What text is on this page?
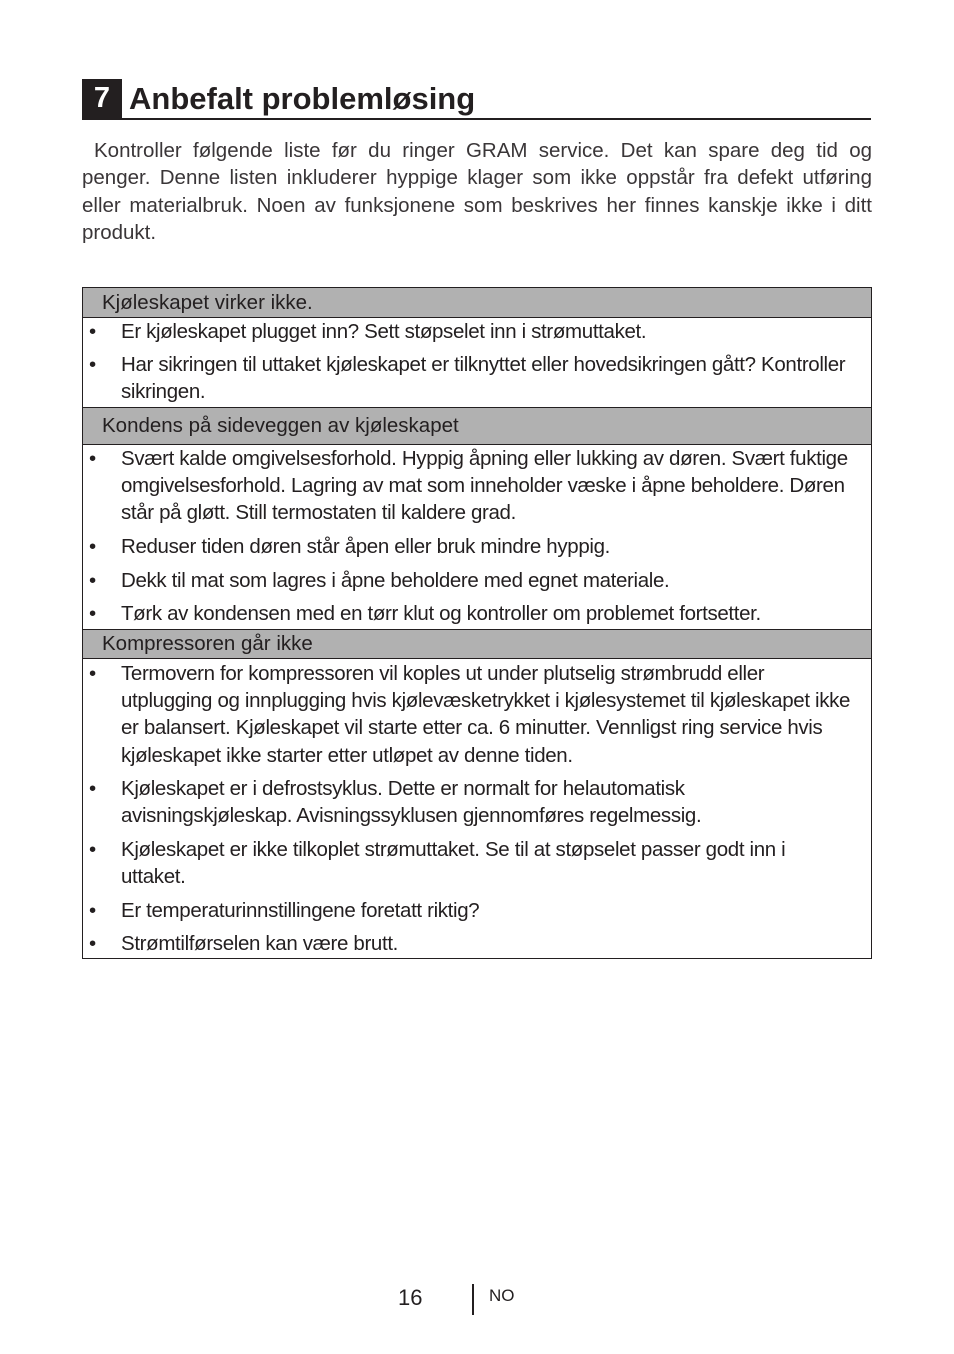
7 Anbefalt problemløsing

Kontroller følgende liste før du ringer GRAM service. Det kan spare deg tid og penger. Denne listen inkluderer hyppige klager som ikke oppstår fra defekt utføring eller materialbruk. Noen av funksjonene som beskrives her finnes kanskje ikke i ditt produkt.

Kjøleskapet virker ikke.
• Er kjøleskapet plugget inn? Sett støpselet inn i strømuttaket.

• Har sikringen til uttaket kjøleskapet er tilknyttet eller hovedsikringen gått? Kontroller sikringen.

Kondens på sideveggen av kjøleskapet
• Svært kalde omgivelsesforhold. Hyppig åpning eller lukking av døren. Svært fuktige omgivelsesforhold. Lagring av mat som inneholder væske i åpne beholdere. Døren står på gløtt. Still termostaten til kaldere grad.

• Reduser tiden døren står åpen eller bruk mindre hyppig.

• Dekk til mat som lagres i åpne beholdere med egnet materiale.

• Tørk av kondensen med en tørr klut og kontroller om problemet fortsetter.

Kompressoren går ikke
• Termovern for kompressoren vil koples ut under plutselig strømbrudd eller utplugging og innplugging hvis kjølevæsketrykket i kjølesystemet til kjøleskapet ikke er balansert. Kjøleskapet vil starte etter ca. 6 minutter. Vennligst ring service hvis kjøleskapet ikke starter etter utløpet av denne tiden.

• Kjøleskapet er i defrostsyklus. Dette er normalt for helautomatisk avisningskjøleskap. Avisningssyklusen gjennomføres regelmessig.

• Kjøleskapet er ikke tilkoplet strømuttaket. Se til at støpselet passer godt inn i uttaket.

• Er temperaturinnstillingene foretatt riktig?

• Strømtilførselen kan være brutt.

16	NO
